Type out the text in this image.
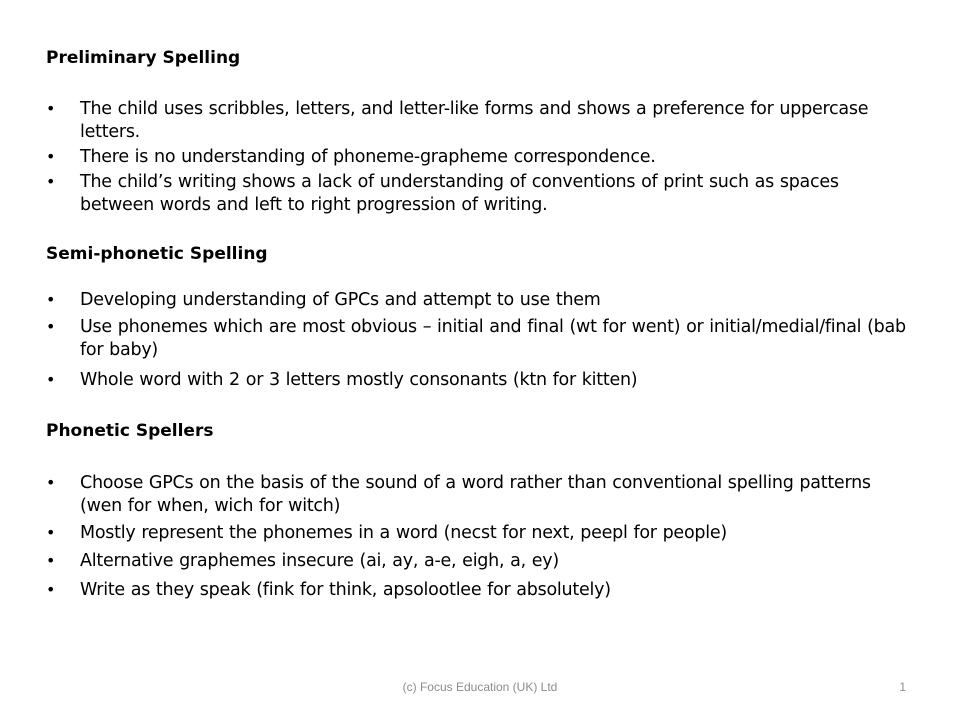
Preliminary Spelling
• The child uses scribbles, letters, and letter-like forms and shows a preference for uppercase letters.
• There is no understanding of phoneme-grapheme correspondence.
• The child’s writing shows a lack of understanding of conventions of print such as spaces between words and left to right progression of writing.
Semi-phonetic Spelling
• Developing understanding of GPCs and attempt to use them
• Use phonemes which are most obvious – initial and final (wt for went) or initial/medial/final (bab for baby)
• Whole word with 2 or 3 letters mostly consonants (ktn for kitten)
Phonetic Spellers
• Choose GPCs on the basis of the sound of a word rather than conventional spelling patterns (wen for when, wich for witch)
• Mostly represent the phonemes in a word (necst for next, peepl for people)
• Alternative graphemes insecure (ai, ay, a-e, eigh, a, ey)
• Write as they speak (fink for think, apsolootlee for absolutely)
(c) Focus Education (UK) Ltd	1
